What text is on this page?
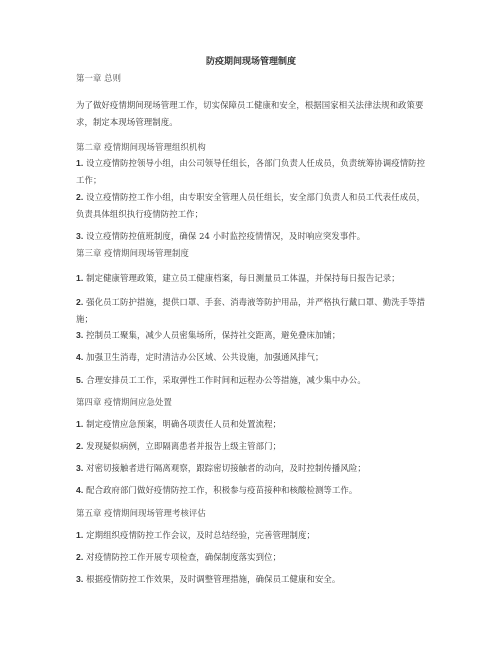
防疫期间现场管理制度

第一章 总则

为了做好疫情期间现场管理工作，切实保障员工健康和安全，根据国家相关法律法规和政策要求，制定本现场管理制度。

第二章 疫情期间现场管理组织机构

1. 设立疫情防控领导小组，由公司领导任组长，各部门负责人任成员，负责统筹协调疫情防控工作；

2. 设立疫情防控工作小组，由专职安全管理人员任组长，安全部门负责人和员工代表任成员，负责具体组织执行疫情防控工作；

3. 设立疫情防控值班制度，确保 24 小时监控疫情情况，及时响应突发事件。

第三章 疫情期间现场管理制度

1. 制定健康管理政策，建立员工健康档案，每日测量员工体温，并保持每日报告记录；

2. 强化员工防护措施，提供口罩、手套、消毒液等防护用品，并严格执行戴口罩、勤洗手等措施；

3. 控制员工聚集，减少人员密集场所，保持社交距离，避免叠床加铺；

4. 加强卫生消毒，定时清洁办公区域、公共设施，加强通风排气；

5. 合理安排员工工作，采取弹性工作时间和远程办公等措施，减少集中办公。

第四章 疫情期间应急处置

1. 制定疫情应急预案，明确各项责任人员和处置流程；

2. 发现疑似病例，立即隔离患者并报告上级主管部门；

3. 对密切接触者进行隔离观察，跟踪密切接触者的动向，及时控制传播风险；

4. 配合政府部门做好疫情防控工作，积极参与疫苗接种和核酸检测等工作。

第五章 疫情期间现场管理考核评估

1. 定期组织疫情防控工作会议，及时总结经验，完善管理制度；

2. 对疫情防控工作开展专项检查，确保制度落实到位；

3. 根据疫情防控工作效果，及时调整管理措施，确保员工健康和安全。
